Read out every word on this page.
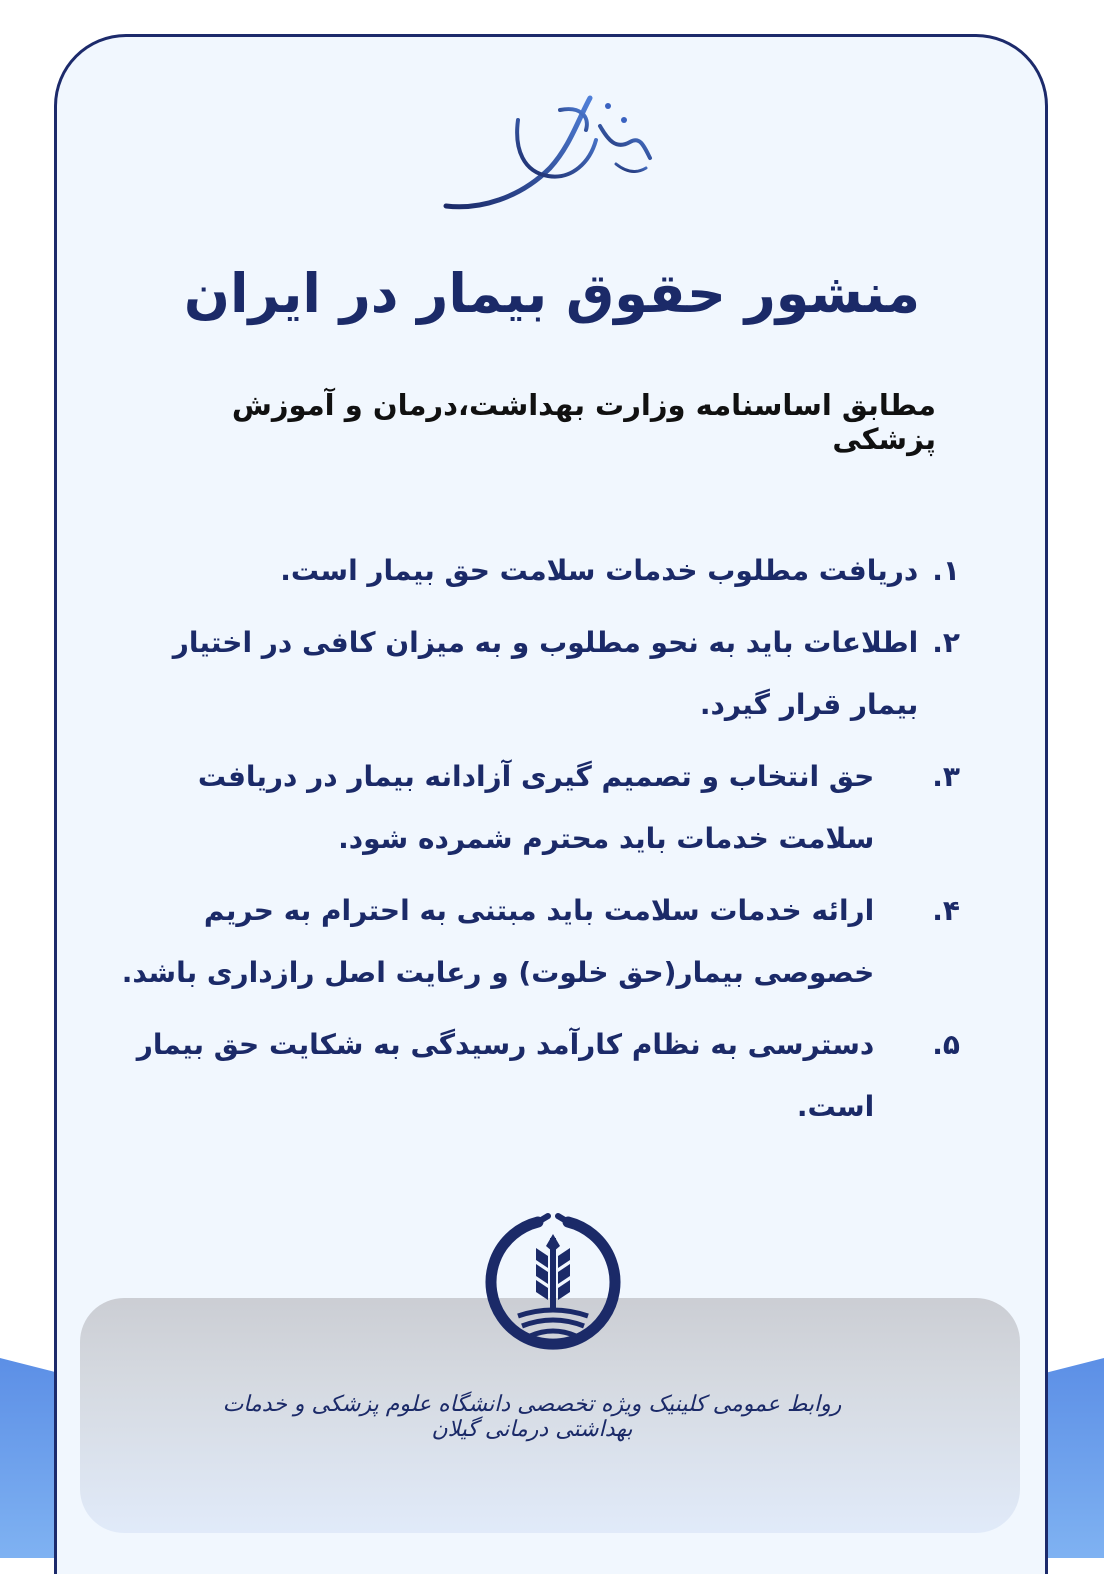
منشور حقوق بیمار در ایران
مطابق اساسنامه وزارت بهداشت،درمان و آموزش پزشکی
۱.
دریافت مطلوب خدمات سلامت حق بیمار است.
۲.
اطلاعات باید به نحو مطلوب و به میزان کافی در اختیار بیمار قرار گیرد.
۳.
حق انتخاب و تصمیم گیری آزادانه بیمار در دریافت سلامت خدمات باید محترم شمرده شود.
۴.
ارائه خدمات سلامت باید مبتنی به احترام به حریم خصوصی بیمار(حق خلوت) و رعایت اصل رازداری باشد.
۵.
دسترسی به نظام کارآمد رسیدگی به شکایت حق بیمار است.
روابط عمومی کلینیک ویژه تخصصی دانشگاه علوم پزشکی و خدمات بهداشتی درمانی گیلان
